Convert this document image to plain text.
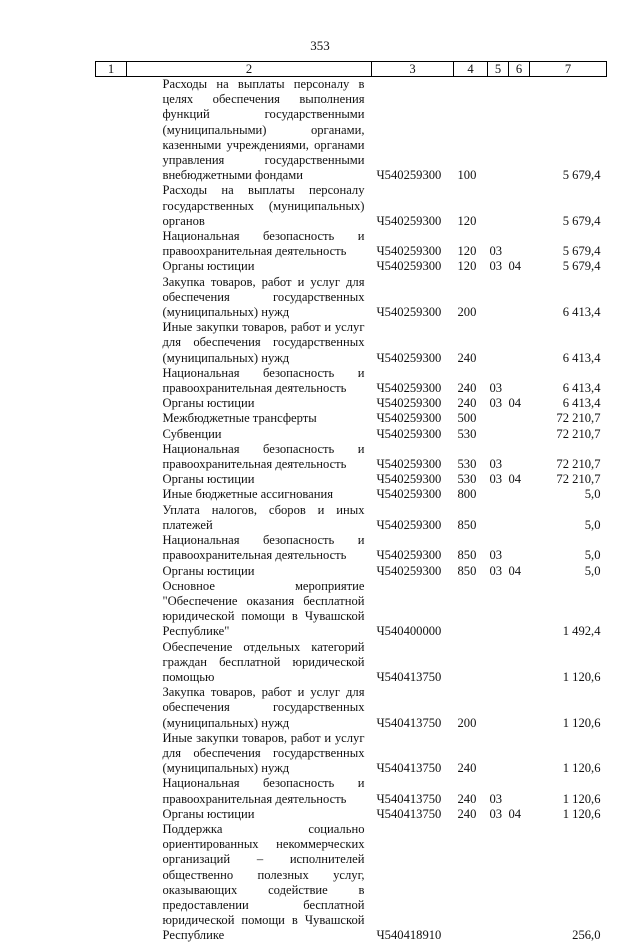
353
1	2	3	4	5	6	7
	Расходы на выплаты персоналу в целях обеспечения выполнения функций государственными (муниципальными) органами, казенными учреждениями, органами управления государственными внебюджетными фондами	Ч540259300	100			5 679,4
	Расходы на выплаты персоналу государственных (муниципальных) органов	Ч540259300	120			5 679,4
	Национальная безопасность и правоохранительная деятельность	Ч540259300	120	03		5 679,4
	Органы юстиции	Ч540259300	120	03	04	5 679,4
	Закупка товаров, работ и услуг для обеспечения государственных (муниципальных) нужд	Ч540259300	200			6 413,4
	Иные закупки товаров, работ и услуг для обеспечения государственных (муниципальных) нужд	Ч540259300	240			6 413,4
	Национальная безопасность и правоохранительная деятельность	Ч540259300	240	03		6 413,4
	Органы юстиции	Ч540259300	240	03	04	6 413,4
	Межбюджетные трансферты	Ч540259300	500			72 210,7
	Субвенции	Ч540259300	530			72 210,7
	Национальная безопасность и правоохранительная деятельность	Ч540259300	530	03		72 210,7
	Органы юстиции	Ч540259300	530	03	04	72 210,7
	Иные бюджетные ассигнования	Ч540259300	800			5,0
	Уплата налогов, сборов и иных платежей	Ч540259300	850			5,0
	Национальная безопасность и правоохранительная деятельность	Ч540259300	850	03		5,0
	Органы юстиции	Ч540259300	850	03	04	5,0
	Основное мероприятие "Обеспечение оказания бесплатной юридической помощи в Чувашской Республике"	Ч540400000				1 492,4
	Обеспечение отдельных категорий граждан бесплатной юридической помощью	Ч540413750				1 120,6
	Закупка товаров, работ и услуг для обеспечения государственных (муниципальных) нужд	Ч540413750	200			1 120,6
	Иные закупки товаров, работ и услуг для обеспечения государственных (муниципальных) нужд	Ч540413750	240			1 120,6
	Национальная безопасность и правоохранительная деятельность	Ч540413750	240	03		1 120,6
	Органы юстиции	Ч540413750	240	03	04	1 120,6
	Поддержка социально ориентированных некоммерческих организаций – исполнителей общественно полезных услуг, оказывающих содействие в предоставлении бесплатной юридической помощи в Чувашской Республике	Ч540418910				256,0
